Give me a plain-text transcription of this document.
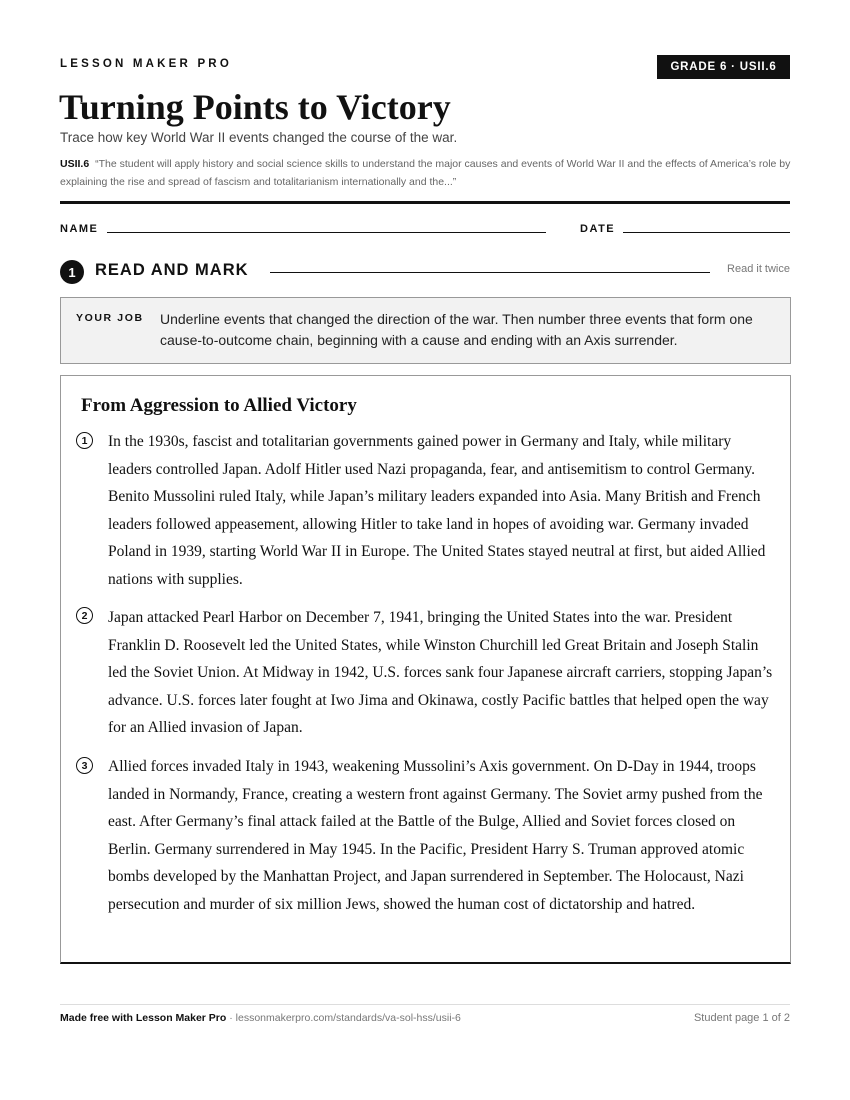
LESSON MAKER PRO	GRADE 6 · USII.6
Turning Points to Victory
Trace how key World War II events changed the course of the war.
USII.6 “The student will apply history and social science skills to understand the major causes and events of World War II and the effects of America’s role by explaining the rise and spread of fascism and totalitarianism internationally and the...”
NAME	DATE
1	READ AND MARK	Read it twice
YOUR JOB Underline events that changed the direction of the war. Then number three events that form one cause-to-outcome chain, beginning with a cause and ending with an Axis surrender.
From Aggression to Allied Victory
1	In the 1930s, fascist and totalitarian governments gained power in Germany and Italy, while military leaders controlled Japan. Adolf Hitler used Nazi propaganda, fear, and antisemitism to control Germany. Benito Mussolini ruled Italy, while Japan’s military leaders expanded into Asia. Many British and French leaders followed appeasement, allowing Hitler to take land in hopes of avoiding war. Germany invaded Poland in 1939, starting World War II in Europe. The United States stayed neutral at first, but aided Allied nations with supplies.
2	Japan attacked Pearl Harbor on December 7, 1941, bringing the United States into the war. President Franklin D. Roosevelt led the United States, while Winston Churchill led Great Britain and Joseph Stalin led the Soviet Union. At Midway in 1942, U.S. forces sank four Japanese aircraft carriers, stopping Japan’s advance. U.S. forces later fought at Iwo Jima and Okinawa, costly Pacific battles that helped open the way for an Allied invasion of Japan.
3	Allied forces invaded Italy in 1943, weakening Mussolini’s Axis government. On D-Day in 1944, troops landed in Normandy, France, creating a western front against Germany. The Soviet army pushed from the east. After Germany’s final attack failed at the Battle of the Bulge, Allied and Soviet forces closed on Berlin. Germany surrendered in May 1945. In the Pacific, President Harry S. Truman approved atomic bombs developed by the Manhattan Project, and Japan surrendered in September. The Holocaust, Nazi persecution and murder of six million Jews, showed the human cost of dictatorship and hatred.
Made free with Lesson Maker Pro · lessonmakerpro.com/standards/va-sol-hss/usii-6	Student page 1 of 2
